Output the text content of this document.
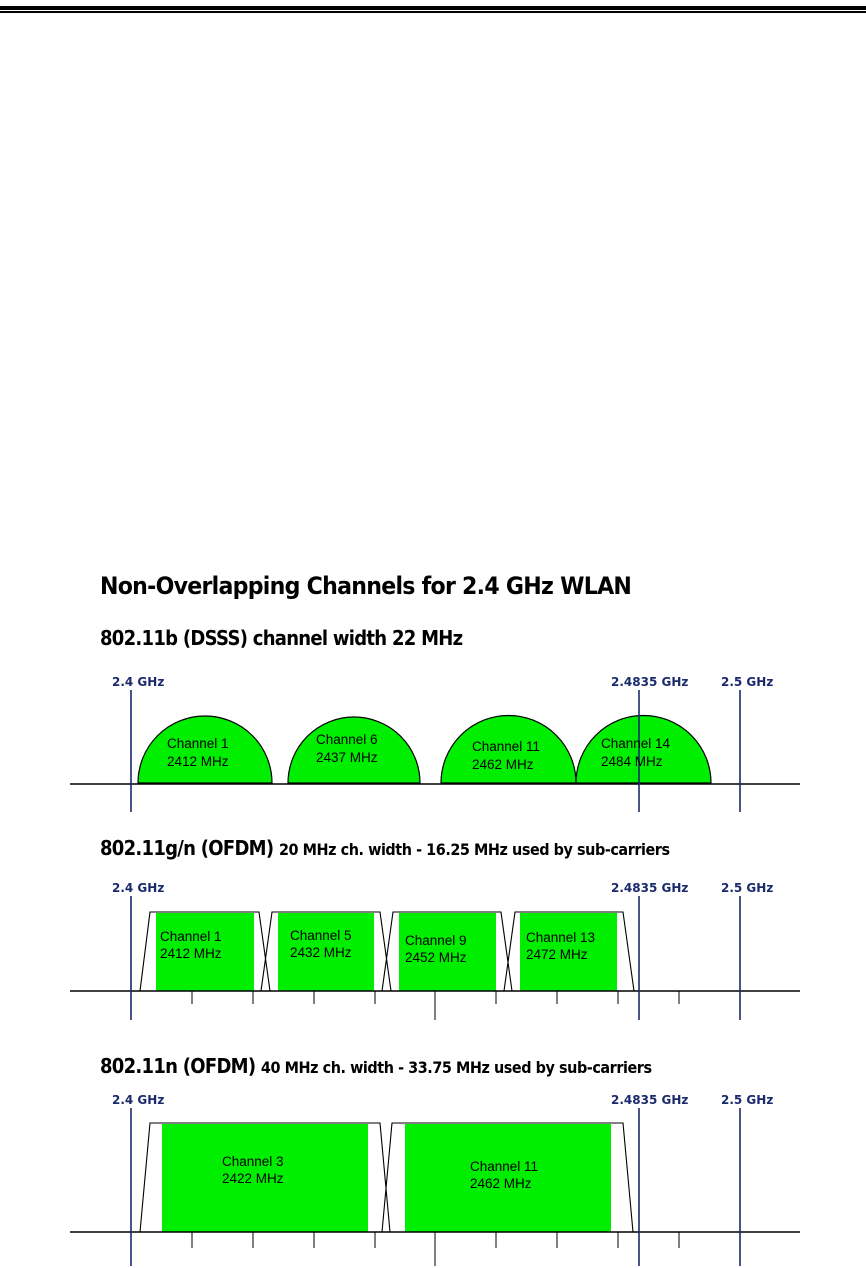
Non-Overlapping Channels for 2.4 GHz WLAN
802.11b (DSSS) channel width 22 MHz
802.11g/n (OFDM) 20 MHz ch. width - 16.25 MHz used by sub-carriers
802.11n (OFDM) 40 MHz ch. width - 33.75 MHz used by sub-carriers
2.4 GHz	2.4835 GHz	2.5 GHz
Channel 1
2412 MHz
Channel 6
2437 MHz
Channel 11
2462 MHz
Channel 14
2484 MHz
2.4 GHz	2.4835 GHz	2.5 GHz
Channel 1
2412 MHz
Channel 5
2432 MHz
Channel 9
2452 MHz
Channel 13
2472 MHz
2.4 GHz	2.4835 GHz	2.5 GHz
Channel 3
2422 MHz
Channel 11
2462 MHz
